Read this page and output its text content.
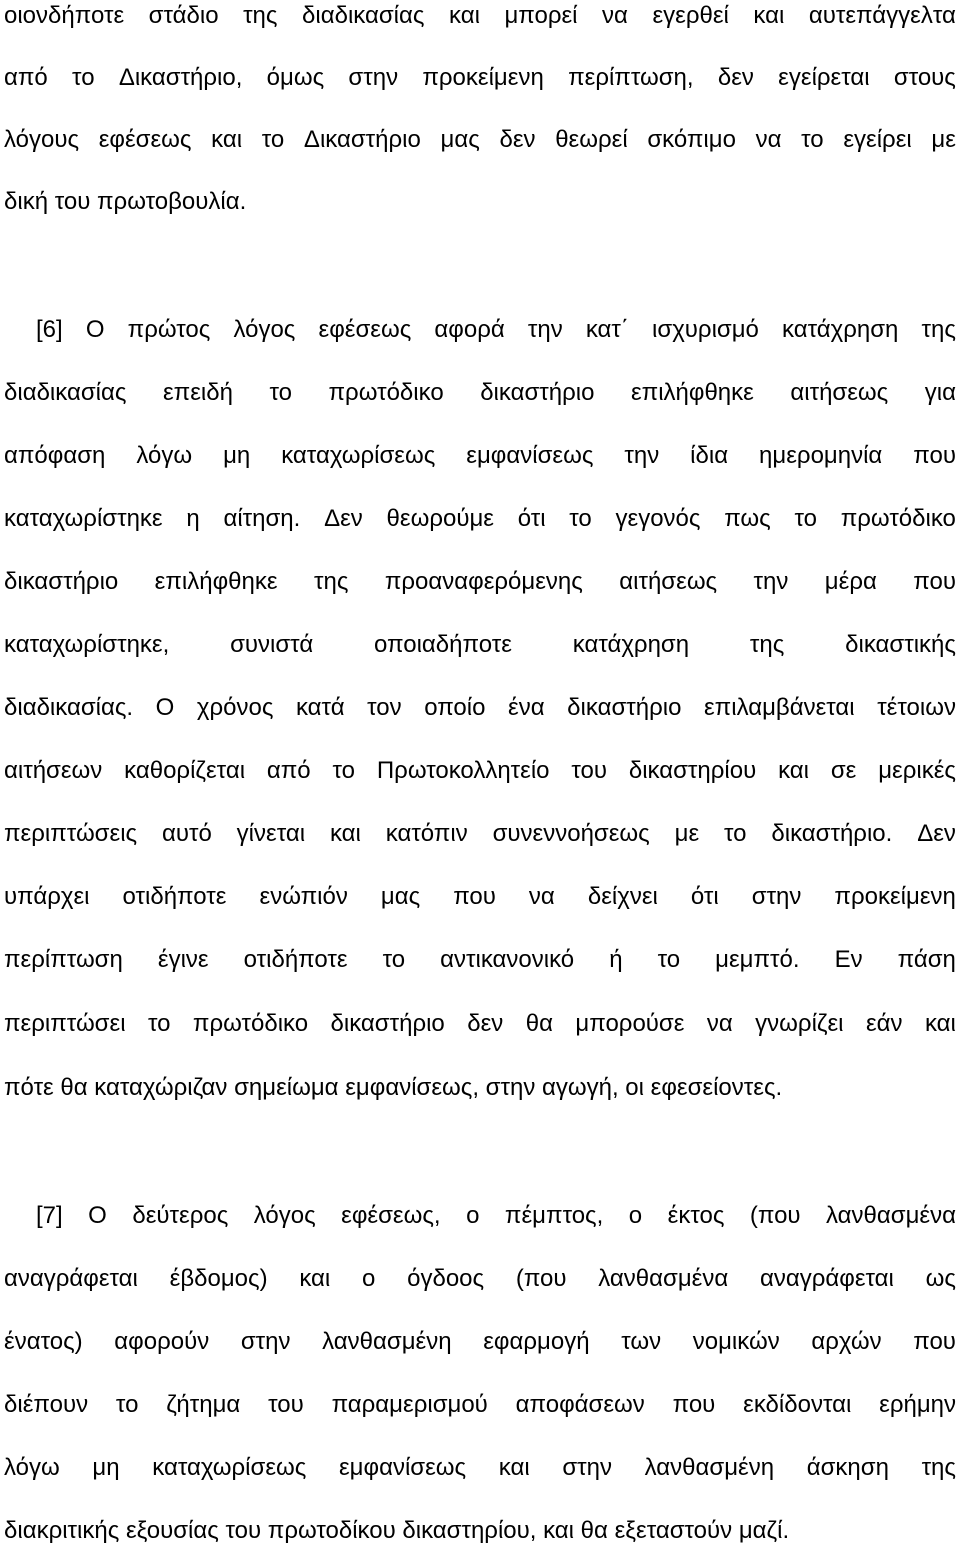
οιονδήποτε στάδιο της διαδικασίας και μπορεί να εγερθεί και αυτεπάγγελτα
από το Δικαστήριο, όμως στην προκείμενη περίπτωση, δεν εγείρεται στους
λόγους εφέσεως και το Δικαστήριο μας δεν θεωρεί σκόπιμο να το εγείρει με
δική του πρωτοβουλία.
[6] Ο πρώτος λόγος εφέσεως αφορά την κατ΄ ισχυρισμό κατάχρηση της
διαδικασίας επειδή το πρωτόδικο δικαστήριο επιλήφθηκε αιτήσεως για
απόφαση λόγω μη καταχωρίσεως εμφανίσεως την ίδια ημερομηνία που
καταχωρίστηκε η αίτηση. Δεν θεωρούμε ότι το γεγονός πως το πρωτόδικο
δικαστήριο επιλήφθηκε της προαναφερόμενης αιτήσεως την μέρα που
καταχωρίστηκε,	συνιστά	οποιαδήποτε	κατάχρηση	της	δικαστικής
διαδικασίας. Ο χρόνος κατά τον οποίο ένα δικαστήριο επιλαμβάνεται τέτοιων
αιτήσεων καθορίζεται από το Πρωτοκολλητείο του δικαστηρίου και σε μερικές
περιπτώσεις αυτό γίνεται και κατόπιν συνεννοήσεως με το δικαστήριο. Δεν
υπάρχει οτιδήποτε ενώπιόν μας που να δείχνει ότι στην προκείμενη
περίπτωση έγινε οτιδήποτε το αντικανονικό ή το μεμπτό. Εν πάση
περιπτώσει το πρωτόδικο δικαστήριο δεν θα μπορούσε να γνωρίζει εάν και
πότε θα καταχώριζαν σημείωμα εμφανίσεως, στην αγωγή, οι εφεσείοντες.
[7] Ο δεύτερος λόγος εφέσεως, ο πέμπτος, ο έκτος (που λανθασμένα
αναγράφεται έβδομος) και ο όγδοος (που λανθασμένα αναγράφεται ως
ένατος) αφορούν στην λανθασμένη εφαρμογή των νομικών αρχών που
διέπουν το ζήτημα του παραμερισμού αποφάσεων που εκδίδονται ερήμην
λόγω μη καταχωρίσεως εμφανίσεως και στην λανθασμένη άσκηση της
διακριτικής εξουσίας του πρωτοδίκου δικαστηρίου, και θα εξεταστούν μαζί.
